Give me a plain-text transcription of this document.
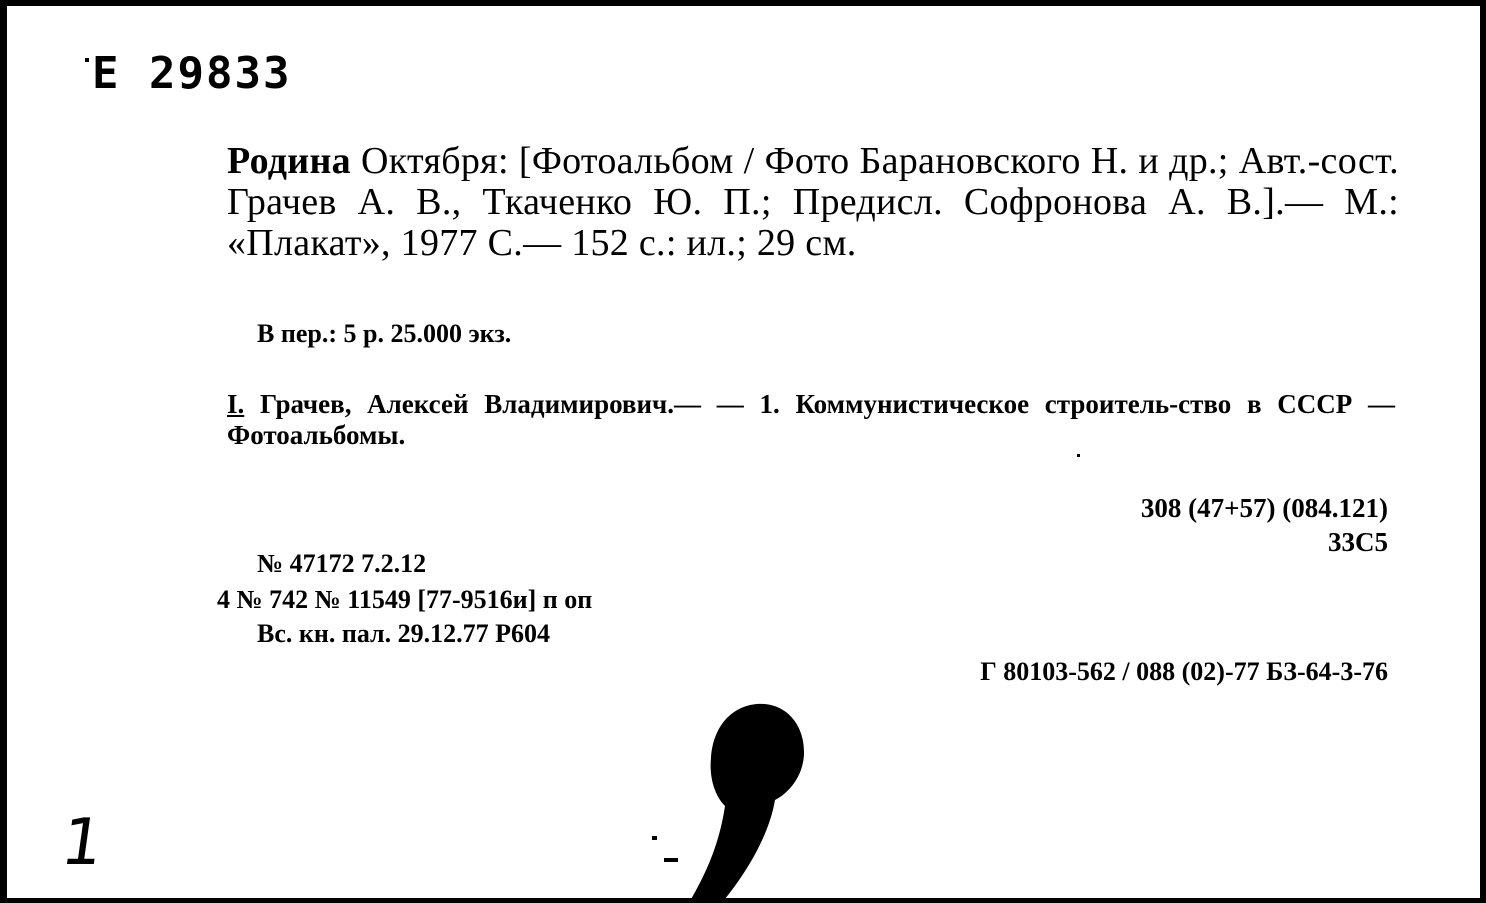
Е 29833
Родина Октября: [Фотоальбом / Фото Барановского Н. и др.; Авт.-сост. Грачев А. В., Ткаченко Ю. П.; Предисл. Софронова А. В.].— М.: «Плакат», 1977 С.— 152 с.: ил.; 29 см.
В пер.: 5 р. 25.000 экз.
I. Грачев, Алексей Владимирович.— — 1. Коммунистическое строитель-ство в СССР — Фотоальбомы.
308 (47+57) (084.121)
33С5
№ 47172 7.2.12
4 № 742 № 11549 [77-9516и] п оп
Вс. кн. пал. 29.12.77 Р604
Г 80103-562 / 088 (02)-77 БЗ-64-3-76
1
